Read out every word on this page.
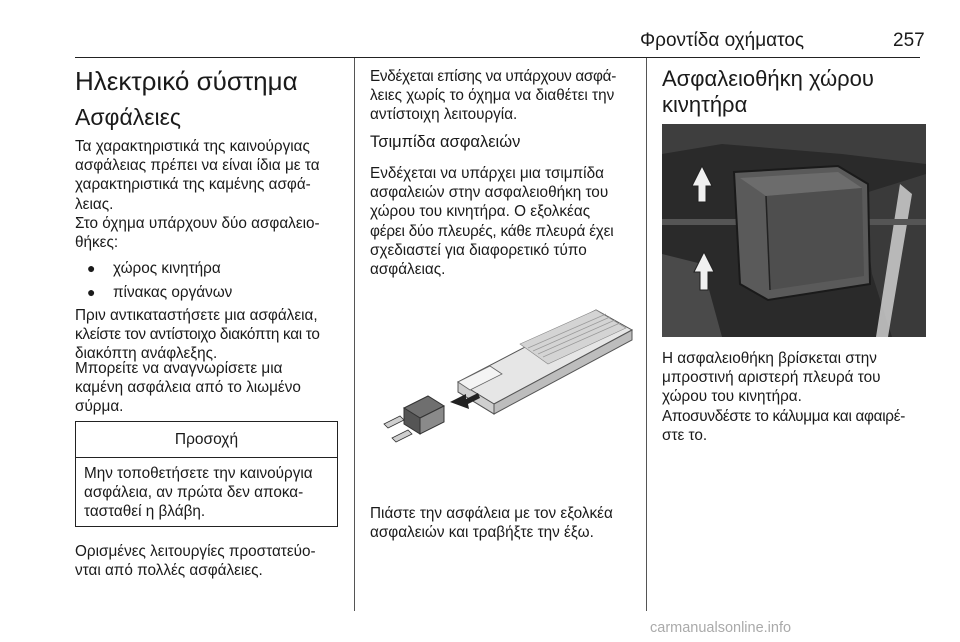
Φροντίδα οχήματος	257
Ηλεκτρικό σύστημα
Ασφάλειες
Τα χαρακτηριστικά της καινούργιας
ασφάλειας πρέπει να είναι ίδια με τα
χαρακτηριστικά της καμένης ασφά-
λειας.
Στο όχημα υπάρχουν δύο ασφαλειο-
θήκες:
● χώρος κινητήρα
● πίνακας οργάνων
Πριν αντικαταστήσετε μια ασφάλεια,
κλείστε τον αντίστοιχο διακόπτη και το
διακόπτη ανάφλεξης.
Μπορείτε να αναγνωρίσετε μια
καμένη ασφάλεια από το λιωμένο
σύρμα.
Προσοχή
Μην τοποθετήσετε την καινούργια
ασφάλεια, αν πρώτα δεν αποκα-
τασταθεί η βλάβη.
Ορισμένες λειτουργίες προστατεύο-
νται από πολλές ασφάλειες.
Ενδέχεται επίσης να υπάρχουν ασφά-
λειες χωρίς το όχημα να διαθέτει την
αντίστοιχη λειτουργία.
Τσιμπίδα ασφαλειών
Ενδέχεται να υπάρχει μια τσιμπίδα
ασφαλειών στην ασφαλειοθήκη του
χώρου του κινητήρα. Ο εξολκέας
φέρει δύο πλευρές, κάθε πλευρά έχει
σχεδιαστεί για διαφορετικό τύπο
ασφάλειας.
Πιάστε την ασφάλεια με τον εξολκέα
ασφαλειών και τραβήξτε την έξω.
Ασφαλειοθήκη χώρου
κινητήρα
Η ασφαλειοθήκη βρίσκεται στην
μπροστινή αριστερή πλευρά του
χώρου του κινητήρα.
Αποσυνδέστε το κάλυμμα και αφαιρέ-
στε το.
carmanualsonline.info
